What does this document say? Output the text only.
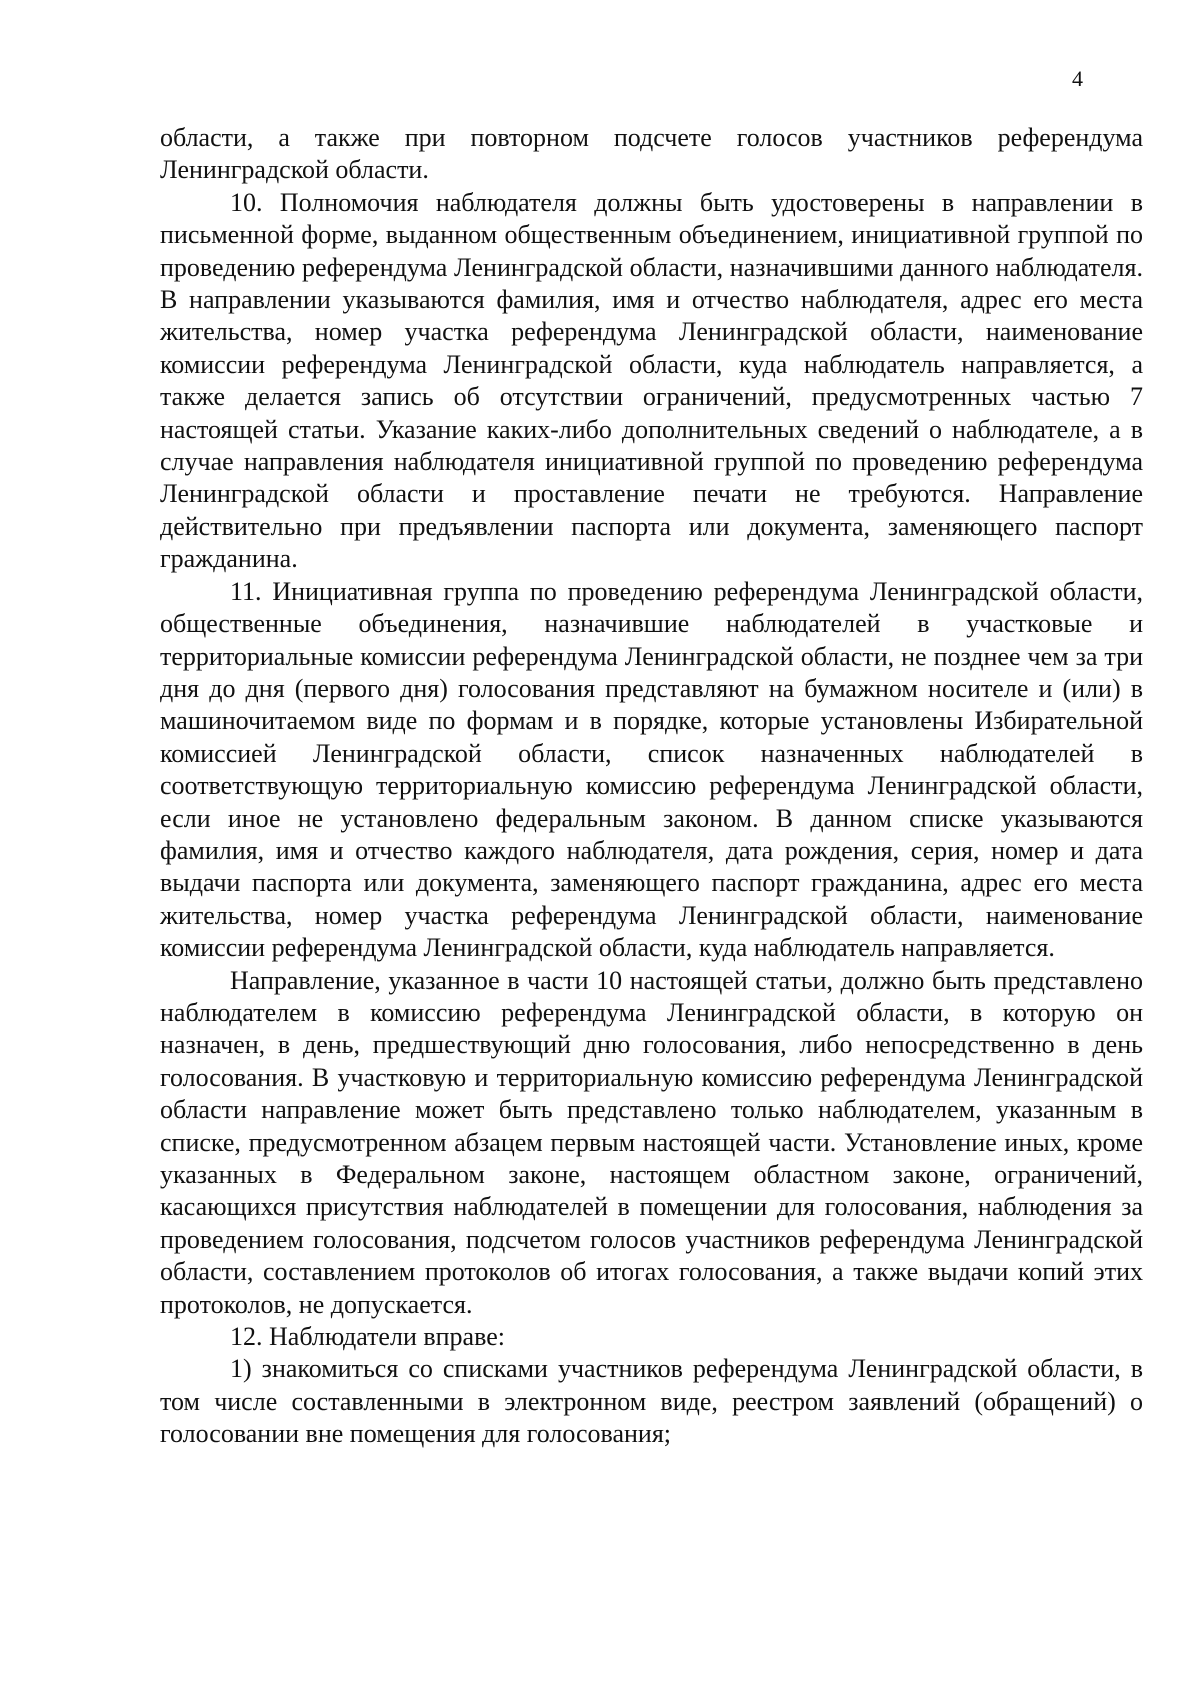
4

области, а также при повторном подсчете голосов участников референдума Ленинградской области.

10. Полномочия наблюдателя должны быть удостоверены в направлении в письменной форме, выданном общественным объединением, инициативной группой по проведению референдума Ленинградской области, назначившими данного наблюдателя. В направлении указываются фамилия, имя и отчество наблюдателя, адрес его места жительства, номер участка референдума Ленинградской области, наименование комиссии референдума Ленинградской области, куда наблюдатель направляется, а также делается запись об отсутствии ограничений, предусмотренных частью 7 настоящей статьи. Указание каких-либо дополнительных сведений о наблюдателе, а в случае направления наблюдателя инициативной группой по проведению референдума Ленинградской области и проставление печати не требуются. Направление действительно при предъявлении паспорта или документа, заменяющего паспорт гражданина.

11. Инициативная группа по проведению референдума Ленинградской области, общественные объединения, назначившие наблюдателей в участковые и территориальные комиссии референдума Ленинградской области, не позднее чем за три дня до дня (первого дня) голосования представляют на бумажном носителе и (или) в машиночитаемом виде по формам и в порядке, которые установлены Избирательной комиссией Ленинградской области, список назначенных наблюдателей в соответствующую территориальную комиссию референдума Ленинградской области, если иное не установлено федеральным законом. В данном списке указываются фамилия, имя и отчество каждого наблюдателя, дата рождения, серия, номер и дата выдачи паспорта или документа, заменяющего паспорт гражданина, адрес его места жительства, номер участка референдума Ленинградской области, наименование комиссии референдума Ленинградской области, куда наблюдатель направляется.

Направление, указанное в части 10 настоящей статьи, должно быть представлено наблюдателем в комиссию референдума Ленинградской области, в которую он назначен, в день, предшествующий дню голосования, либо непосредственно в день голосования. В участковую и территориальную комиссию референдума Ленинградской области направление может быть представлено только наблюдателем, указанным в списке, предусмотренном абзацем первым настоящей части. Установление иных, кроме указанных в Федеральном законе, настоящем областном законе, ограничений, касающихся присутствия наблюдателей в помещении для голосования, наблюдения за проведением голосования, подсчетом голосов участников референдума Ленинградской области, составлением протоколов об итогах голосования, а также выдачи копий этих протоколов, не допускается.

12. Наблюдатели вправе:

1) знакомиться со списками участников референдума Ленинградской области, в том числе составленными в электронном виде, реестром заявлений (обращений) о голосовании вне помещения для голосования;
